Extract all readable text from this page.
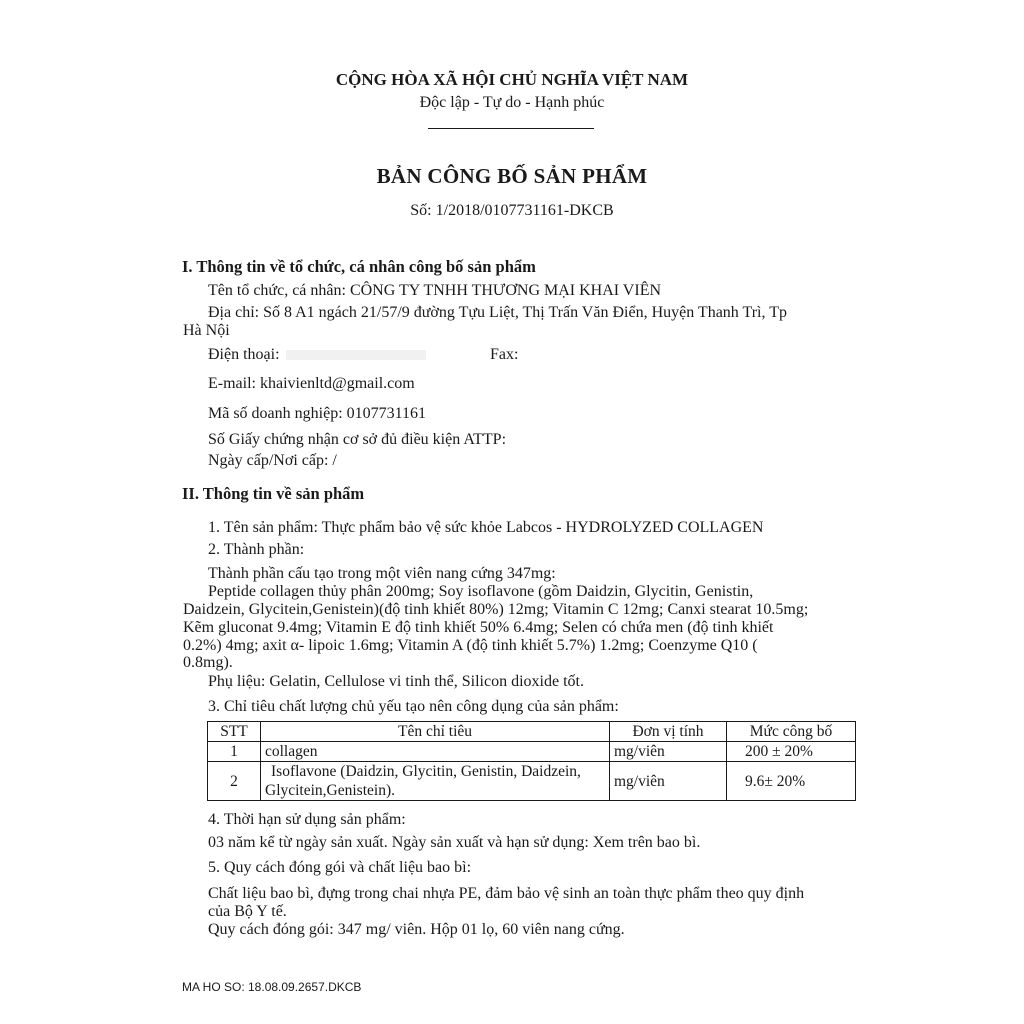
CỘNG HÒA XÃ HỘI CHỦ NGHĨA VIỆT NAM
Độc lập - Tự do - Hạnh phúc
BẢN CÔNG BỐ SẢN PHẨM
Số: 1/2018/0107731161-DKCB
I. Thông tin về tổ chức, cá nhân công bố sản phẩm
Tên tổ chức, cá nhân: CÔNG TY TNHH THƯƠNG MẠI KHAI VIÊN
Địa chỉ: Số 8 A1 ngách 21/57/9 đường Tựu Liệt, Thị Trấn Văn Điển, Huyện Thanh Trì, Tp
Hà Nội
Điện thoại:	Fax:
E-mail: khaivienltd@gmail.com
Mã số doanh nghiệp: 0107731161
Số Giấy chứng nhận cơ sở đủ điều kiện ATTP:
Ngày cấp/Nơi cấp: /
II. Thông tin về sản phẩm
1. Tên sản phẩm: Thực phẩm bảo vệ sức khỏe Labcos - HYDROLYZED COLLAGEN
2. Thành phần:
Thành phần cấu tạo trong một viên nang cứng 347mg:
Peptide collagen thủy phân 200mg; Soy isoflavone (gồm Daidzin, Glycitin, Genistin,
Daidzein, Glycitein,Genistein)(độ tinh khiết 80%) 12mg; Vitamin C 12mg; Canxi stearat 10.5mg;
Kẽm gluconat 9.4mg; Vitamin E độ tinh khiết 50% 6.4mg; Selen có chứa men (độ tinh khiết
0.2%) 4mg; axit α- lipoic 1.6mg; Vitamin A (độ tinh khiết 5.7%) 1.2mg; Coenzyme Q10 (
0.8mg).
Phụ liệu: Gelatin, Cellulose vi tinh thể, Silicon dioxide tốt.
3. Chỉ tiêu chất lượng chủ yếu tạo nên công dụng của sản phẩm:
STT	Tên chỉ tiêu	Đơn vị tính	Mức công bố
1	collagen	mg/viên	200 ± 20%
2	Isoflavone (Daidzin, Glycitin, Genistin, Daidzein,
Glycitein,Genistein).	mg/viên	9.6± 20%
4. Thời hạn sử dụng sản phẩm:
03 năm kể từ ngày sản xuất. Ngày sản xuất và hạn sử dụng: Xem trên bao bì.
5. Quy cách đóng gói và chất liệu bao bì:
Chất liệu bao bì, đựng trong chai nhựa PE, đảm bảo vệ sinh an toàn thực phẩm theo quy định
của Bộ Y tế.
Quy cách đóng gói: 347 mg/ viên. Hộp 01 lọ, 60 viên nang cứng.
MA HO SO: 18.08.09.2657.DKCB
